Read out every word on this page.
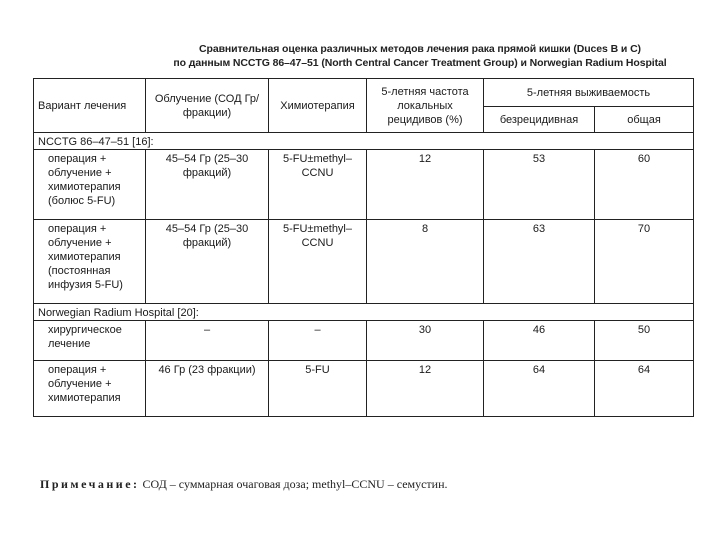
Сравнительная оценка различных методов лечения рака прямой кишки (Duces B и C)
по данным NCCTG 86–47–51 (North Central Cancer Treatment Group) и Norwegian Radium Hospital
Вариант лечения	Облучение (СОД Гр/фракции)	Химиотерапия	5-летняя частота локальных рецидивов (%)	5-летняя выживаемость	
				безрецидивная	общая
NCCTG 86–47–51 [16]:					
операция + облучение + химиотерапия (болюс 5-FU)	45–54 Гр (25–30 фракций)	5-FU±methyl–CCNU	12	53	60
операция + облучение + химиотерапия (постоянная инфузия 5-FU)	45–54 Гр (25–30 фракций)	5-FU±methyl–CCNU	8	63	70
Norwegian Radium Hospital [20]:					
хирургическое лечение	–	–	30	46	50
операция + облучение + химиотерапия	46 Гр (23 фракции)	5-FU	12	64	64
Примечание: СОД – суммарная очаговая доза; methyl–CCNU – семустин.
